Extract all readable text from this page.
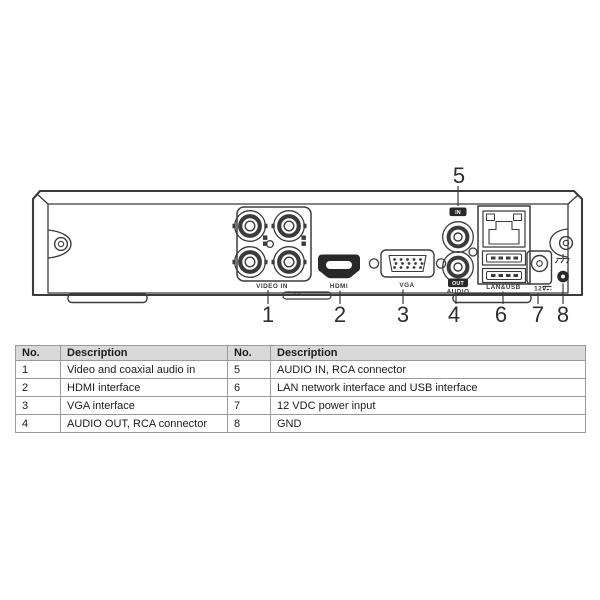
VIDEO IN	HDMI	VGA
IN
OUT
AUDIO
LAN&USB 12V
5
1	2 3 4 6 7 8
No.	Description	No.	Description
1	Video and coaxial audio in	5	AUDIO IN, RCA connector
2	HDMI interface	6	LAN network interface and USB interface
3	VGA interface	7	12 VDC power input
4	AUDIO OUT, RCA connector	8	GND
